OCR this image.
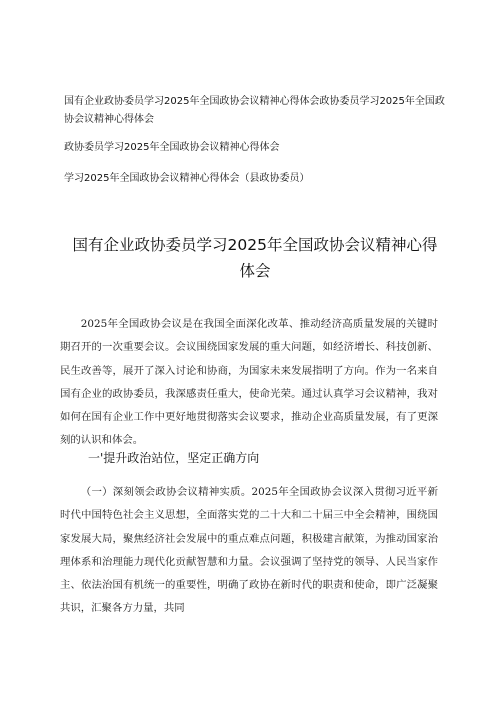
国有企业政协委员学习2025年全国政协会议精神心得体会政协委员学习2025年全国政协会议精神心得体会
政协委员学习2025年全国政协会议精神心得体会
学习2025年全国政协会议精神心得体会（县政协委员）
国有企业政协委员学习2025年全国政协会议精神心得体会

2025年全国政协会议是在我国全面深化改革、推动经济高质量发展的关键时期召开的一次重要会议。会议围绕国家发展的重大问题，如经济增长、科技创新、民生改善等，展开了深入讨论和协商，为国家未来发展指明了方向。作为一名来自国有企业的政协委员，我深感责任重大，使命光荣。通过认真学习会议精神，我对如何在国有企业工作中更好地贯彻落实会议要求，推动企业高质量发展，有了更深刻的认识和体会。

一'提升政治站位，坚定正确方向

（一）深刻领会政协会议精神实质。2025年全国政协会议深入贯彻习近平新时代中国特色社会主义思想，全面落实党的二十大和二十届三中全会精神，围绕国家发展大局，聚焦经济社会发展中的重点难点问题，积极建言献策，为推动国家治理体系和治理能力现代化贡献智慧和力量。会议强调了坚持党的领导、人民当家作主、依法治国有机统一的重要性，明确了政协在新时代的职责和使命，即广泛凝聚共识，汇聚各方力量，共同
